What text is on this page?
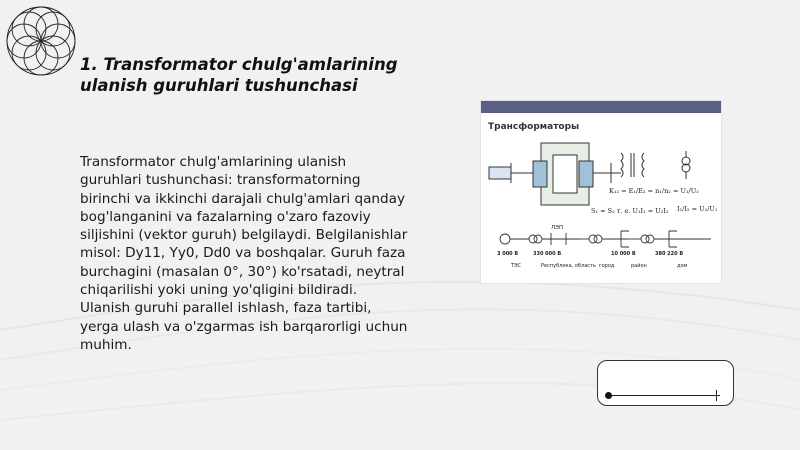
1. Transformator chulg'amlarining ulanish guruhlari tushunchasi

Transformator chulg'amlarining ulanish guruhlari tushunchasi: transformatorning birinchi va ikkinchi darajali chulg'amlari qanday bog'langanini va fazalarning o'zaro fazoviy siljishini (vektor guruh) belgilaydi. Belgilanishlar misol: Dy11, Yy0, Dd0 va boshqalar. Guruh faza burchagini (masalan 0°, 30°) ko'rsatadi, neytral chiqarilishi yoki uning yo'qligini bildiradi. Ulanish guruhi parallel ishlash, faza tartibi, yerga ulash va o'zgarmas ish barqarorligi uchun muhim.

Трансформаторы
K₁₂ = E₁/E₂ = n₁/n₂ = U₁/U₂
S₁ ≈ S₂ т. е. U₁I₁ ≈ U₂I₂ I₁/I₂ = U₂/U₁
ЛЭП
3 000 В	330 000 В	10 000 В	380 220 В
ТЭС	Республика, область город	район	дом
